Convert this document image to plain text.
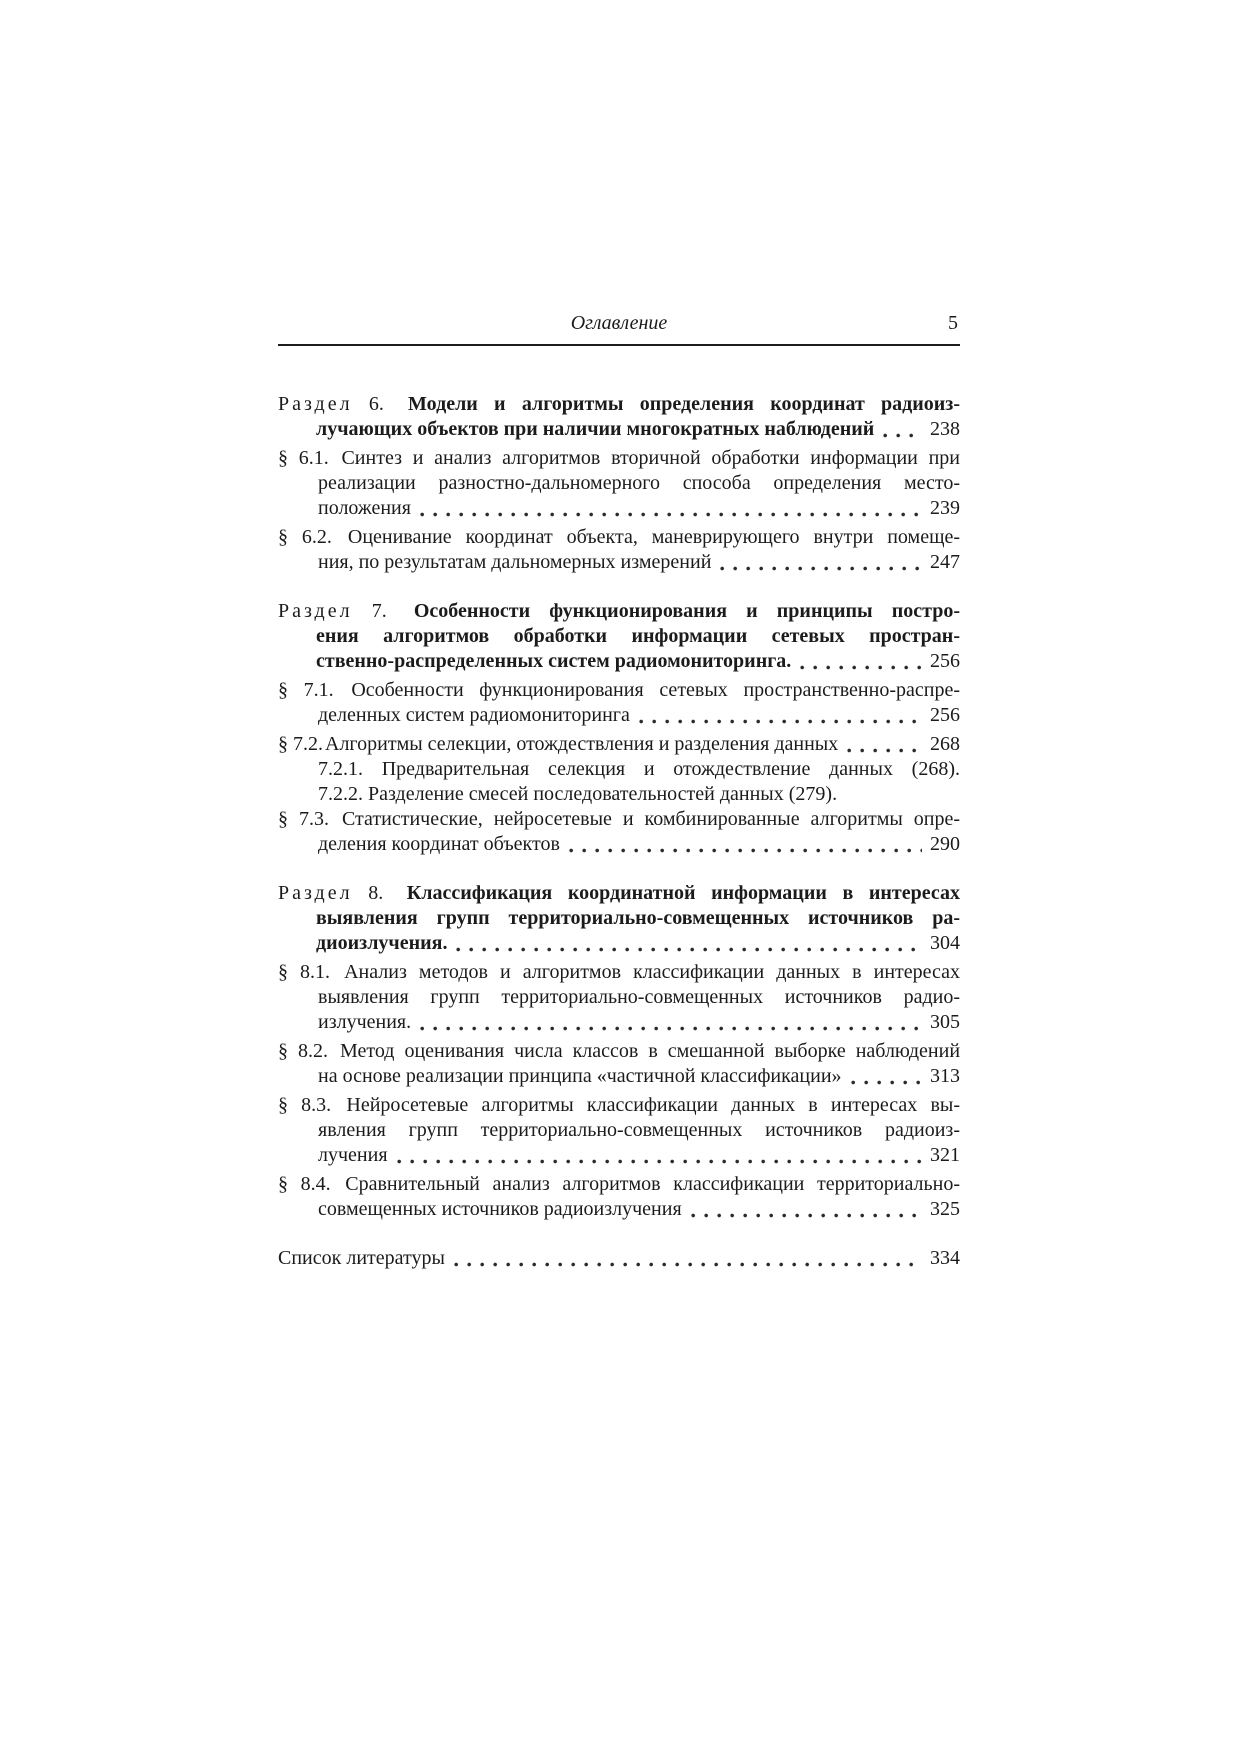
Оглавление	5
Раздел 6. Модели и алгоритмы определения координат радиоиз-
лучающих объектов при наличии многократных наблюдений	238
§ 6.1. Синтез и анализ алгоритмов вторичной обработки информации при
реализации разностно-дальномерного способа определения место-
положения	239
§ 6.2. Оценивание координат объекта, маневрирующего внутри помеще-
ния, по результатам дальномерных измерений	247
Раздел 7. Особенности функционирования и принципы постро-
ения алгоритмов обработки информации сетевых простран-
ственно-распределенных систем радиомониторинга.	256
§ 7.1. Особенности функционирования сетевых пространственно-распре-
деленных систем радиомониторинга	256
§ 7.2. Алгоритмы селекции, отождествления и разделения данных	268
7.2.1. Предварительная селекция и отождествление данных (268).
7.2.2. Разделение смесей последовательностей данных (279).
§ 7.3. Статистические, нейросетевые и комбинированные алгоритмы опре-
деления координат объектов	290
Раздел 8. Классификация координатной информации в интересах
выявления групп территориально-совмещенных источников ра-
диоизлучения.	304
§ 8.1. Анализ методов и алгоритмов классификации данных в интересах
выявления групп территориально-совмещенных источников радио-
излучения.	305
§ 8.2. Метод оценивания числа классов в смешанной выборке наблюдений
на основе реализации принципа «частичной классификации»	313
§ 8.3. Нейросетевые алгоритмы классификации данных в интересах вы-
явления групп территориально-совмещенных источников радиоиз-
лучения	321
§ 8.4. Сравнительный анализ алгоритмов классификации территориально-
совмещенных источников радиоизлучения	325
Список литературы	334
